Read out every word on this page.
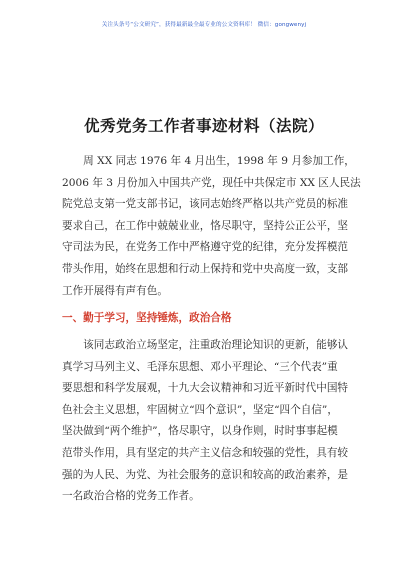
关注头条号“公文研究”，获得最新最全最专业的公文资料库！ 微信：gongwenyj
优秀党务工作者事迹材料（法院）

　　周 XX 同志 1976 年 4 月出生，1998 年 9 月参加工作，
2006 年 3 月份加入中国共产党，现任中共保定市 XX 区人民法
院党总支第一党支部书记，该同志始终严格以共产党员的标准
要求自己，在工作中兢兢业业，恪尽职守，坚持公正公平，坚
守司法为民，在党务工作中严格遵守党的纪律，充分发挥模范
带头作用，始终在思想和行动上保持和党中央高度一致，支部
工作开展得有声有色。

一、勤于学习，坚持锤炼，政治合格

　　该同志政治立场坚定，注重政治理论知识的更新，能够认
真学习马列主义、毛泽东思想、邓小平理论、“三个代表”重
要思想和科学发展观，十九大会议精神和习近平新时代中国特
色社会主义思想，牢固树立“四个意识”，坚定“四个自信”，
坚决做到“两个维护”，恪尽职守，以身作则，时时事事起模
范带头作用，具有坚定的共产主义信念和较强的党性，具有较
强的为人民、为党、为社会服务的意识和较高的政治素养，是
一名政治合格的党务工作者。
